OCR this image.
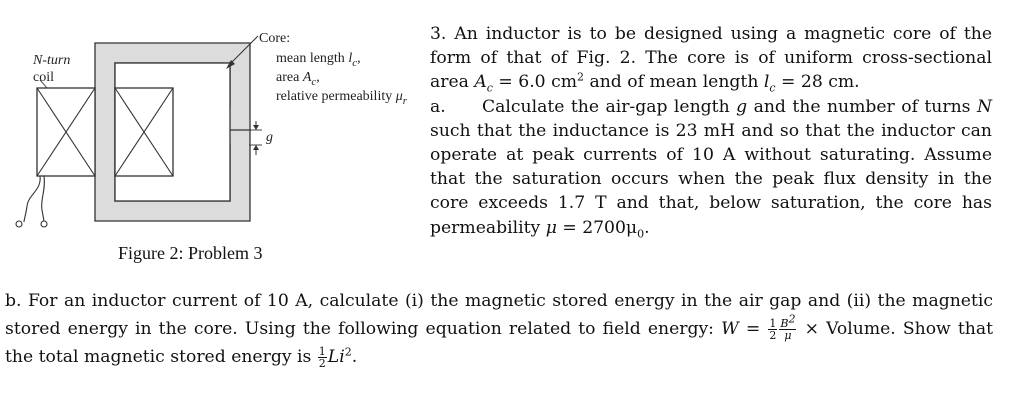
N-turn
coil
Core:
mean length $l_c$,
area $A_c$,
relative permeability $\mu_r$
g
Figure 2: Problem 3

3. An inductor is to be designed using a magnetic core of the form of that of Fig. 2. The core is of uniform cross-sectional area $A_c = 6.0$ $cm^2$ and of mean length $l_c = 28$ cm.

a. Calculate the air-gap length g and the number of turns N such that the inductance is 23 mH and so that the inductor can operate at peak currents of 10 A without saturating. Assume that the saturation occurs when the peak flux density in the core exceeds 1.7 T and that, below saturation, the core has permeability $\mu = 2700\mu_0$.

b. For an inductor current of 10 A, calculate (i) the magnetic stored energy in the air gap and (ii) the magnetic stored energy in the core. Using the following equation related to field energy: $W = \frac{1}{2} \frac{B^2}{\mu}$ × Volume. Show that the total magnetic stored energy is $\frac{1}{2} Li^2$.
